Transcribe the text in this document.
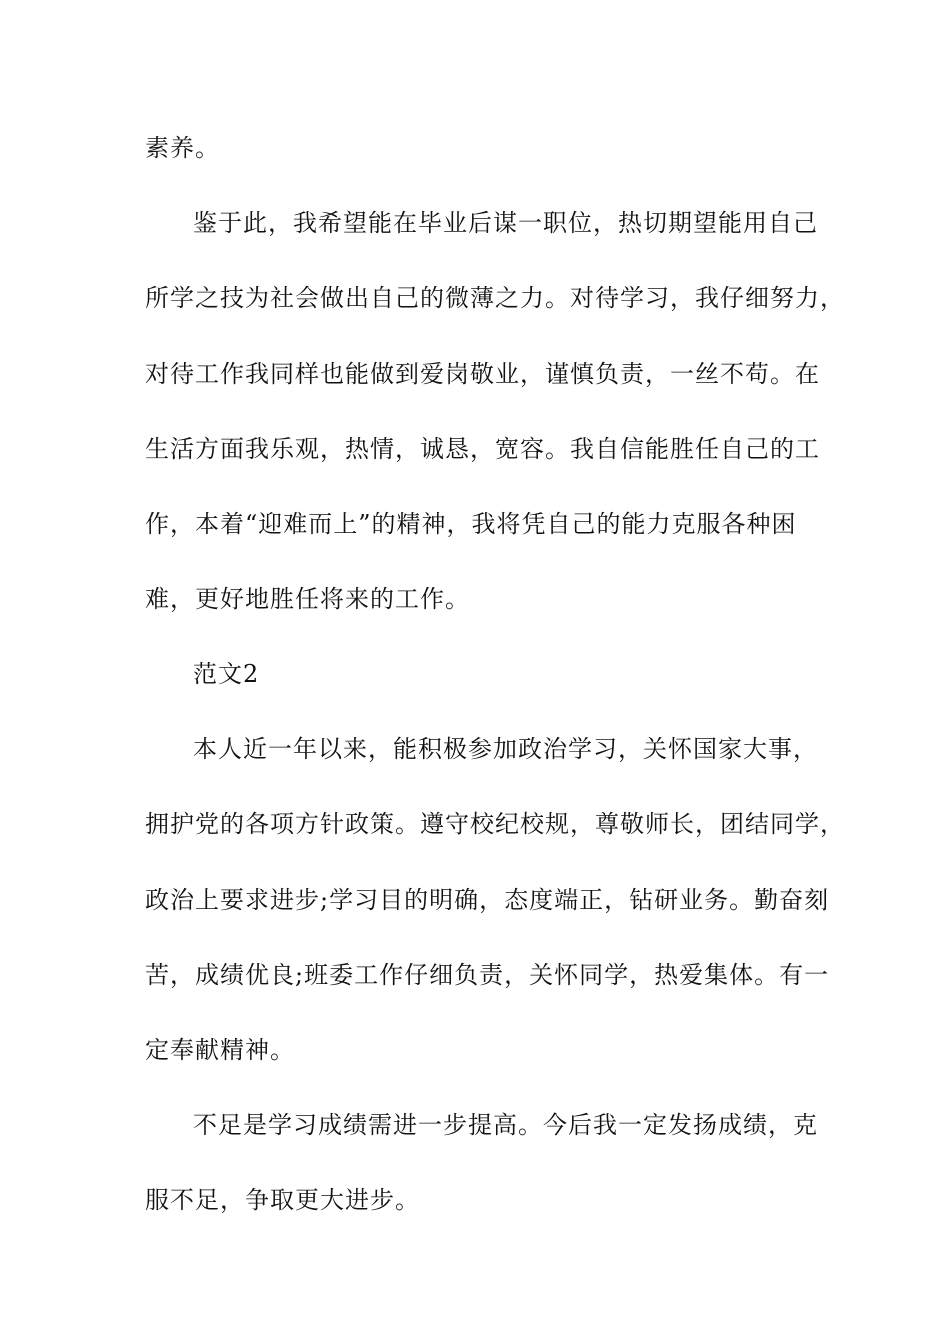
素养。
鉴于此，我希望能在毕业后谋一职位，热切期望能用自己
所学之技为社会做出自己的微薄之力。对待学习，我仔细努力，
对待工作我同样也能做到爱岗敬业，谨慎负责，一丝不苟。在
生活方面我乐观，热情，诚恳，宽容。我自信能胜任自己的工
作，本着“迎难而上”的精神，我将凭自己的能力克服各种困
难，更好地胜任将来的工作。
范文2
本人近一年以来，能积极参加政治学习，关怀国家大事，
拥护党的各项方针政策。遵守校纪校规，尊敬师长，团结同学，
政治上要求进步;学习目的明确，态度端正，钻研业务。勤奋刻
苦，成绩优良;班委工作仔细负责，关怀同学，热爱集体。有一
定奉献精神。
不足是学习成绩需进一步提高。今后我一定发扬成绩，克
服不足，争取更大进步。
